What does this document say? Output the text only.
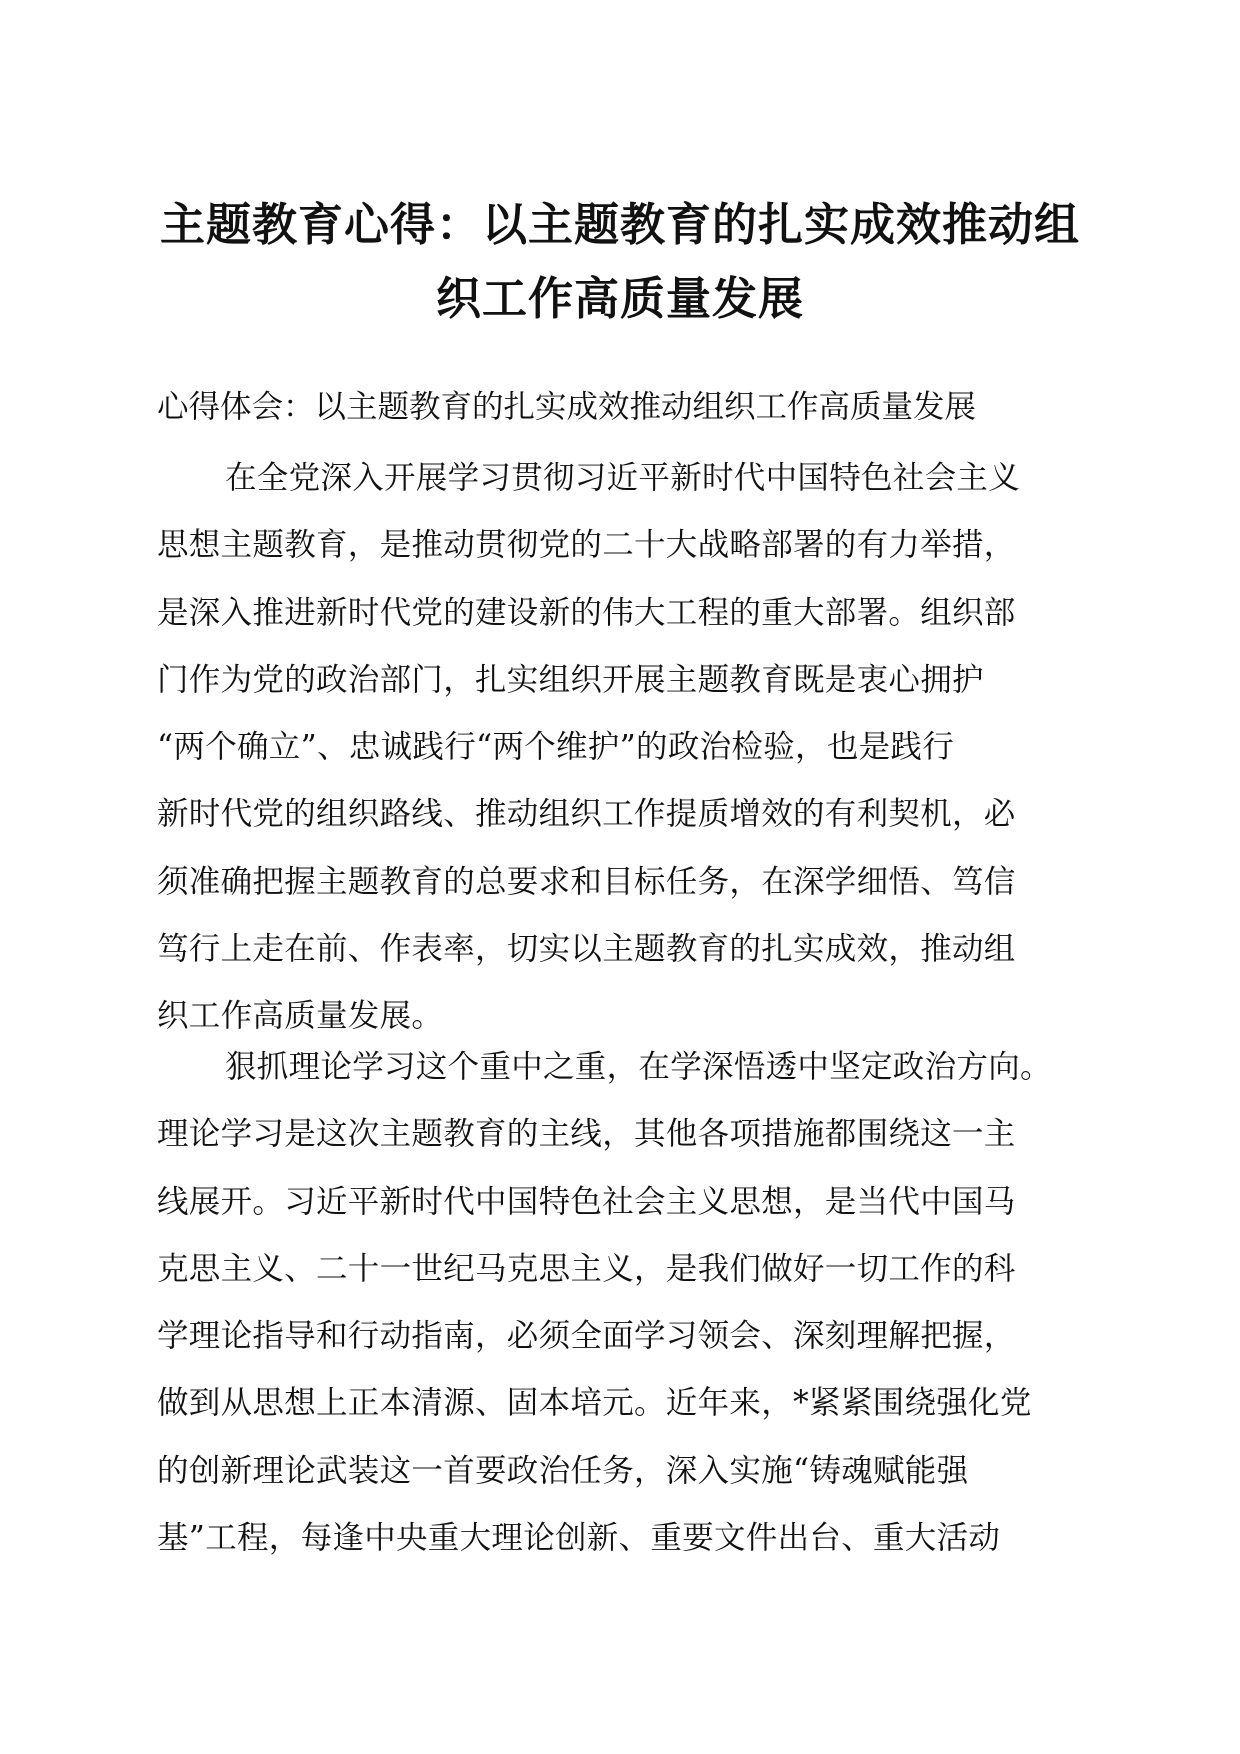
主题教育心得：以主题教育的扎实成效推动组
织工作高质量发展

心得体会：以主题教育的扎实成效推动组织工作高质量发展

在全党深入开展学习贯彻习近平新时代中国特色社会主义
思想主题教育，是推动贯彻党的二十大战略部署的有力举措，
是深入推进新时代党的建设新的伟大工程的重大部署。组织部
门作为党的政治部门，扎实组织开展主题教育既是衷心拥护
“两个确立”、忠诚践行“两个维护”的政治检验，也是践行
新时代党的组织路线、推动组织工作提质增效的有利契机，必
须准确把握主题教育的总要求和目标任务，在深学细悟、笃信
笃行上走在前、作表率，切实以主题教育的扎实成效，推动组
织工作高质量发展。
狠抓理论学习这个重中之重，在学深悟透中坚定政治方向。
理论学习是这次主题教育的主线，其他各项措施都围绕这一主
线展开。习近平新时代中国特色社会主义思想，是当代中国马
克思主义、二十一世纪马克思主义，是我们做好一切工作的科
学理论指导和行动指南，必须全面学习领会、深刻理解把握，
做到从思想上正本清源、固本培元。近年来，*紧紧围绕强化党
的创新理论武装这一首要政治任务，深入实施“铸魂赋能强
基”工程，每逢中央重大理论创新、重要文件出台、重大活动
